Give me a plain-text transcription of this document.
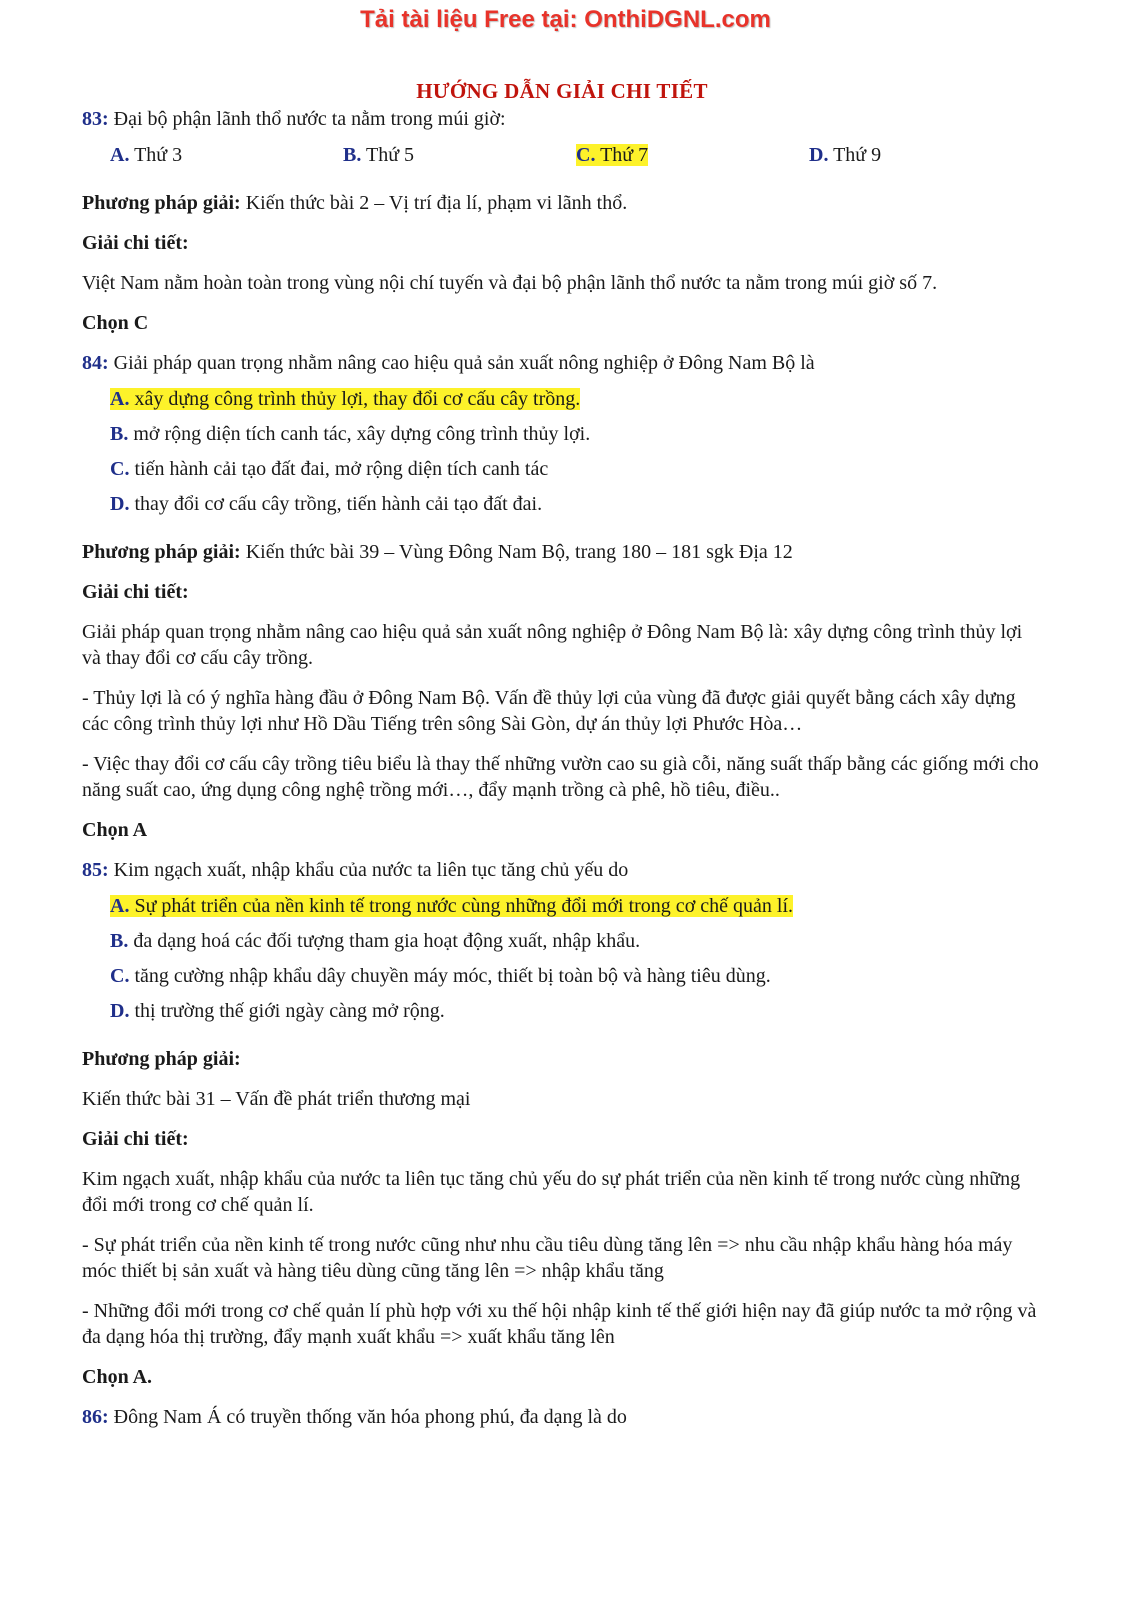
Tải tài liệu Free tại: OnthiDGNL.com
HƯỚNG DẪN GIẢI CHI TIẾT
83: Đại bộ phận lãnh thổ nước ta nằm trong múi giờ:
A. Thứ 3	B. Thứ 5	C. Thứ 7	D. Thứ 9
Phương pháp giải: Kiến thức bài 2 – Vị trí địa lí, phạm vi lãnh thổ.
Giải chi tiết:
Việt Nam nằm hoàn toàn trong vùng nội chí tuyến và đại bộ phận lãnh thổ nước ta nằm trong múi giờ số 7.
Chọn C
84: Giải pháp quan trọng nhằm nâng cao hiệu quả sản xuất nông nghiệp ở Đông Nam Bộ là
A. xây dựng công trình thủy lợi, thay đổi cơ cấu cây trồng.
B. mở rộng diện tích canh tác, xây dựng công trình thủy lợi.
C. tiến hành cải tạo đất đai, mở rộng diện tích canh tác
D. thay đổi cơ cấu cây trồng, tiến hành cải tạo đất đai.
Phương pháp giải: Kiến thức bài 39 – Vùng Đông Nam Bộ, trang 180 – 181 sgk Địa 12
Giải chi tiết:
Giải pháp quan trọng nhằm nâng cao hiệu quả sản xuất nông nghiệp ở Đông Nam Bộ là: xây dựng công trình thủy lợi và thay đổi cơ cấu cây trồng.
- Thủy lợi là có ý nghĩa hàng đầu ở Đông Nam Bộ. Vấn đề thủy lợi của vùng đã được giải quyết bằng cách xây dựng các công trình thủy lợi như Hồ Dầu Tiếng trên sông Sài Gòn, dự án thủy lợi Phước Hòa…
- Việc thay đổi cơ cấu cây trồng tiêu biểu là thay thế những vườn cao su già cỗi, năng suất thấp bằng các giống mới cho năng suất cao, ứng dụng công nghệ trồng mới…, đẩy mạnh trồng cà phê, hồ tiêu, điều..
Chọn A
85: Kim ngạch xuất, nhập khẩu của nước ta liên tục tăng chủ yếu do
A. Sự phát triển của nền kinh tế trong nước cùng những đổi mới trong cơ chế quản lí.
B. đa dạng hoá các đối tượng tham gia hoạt động xuất, nhập khẩu.
C. tăng cường nhập khẩu dây chuyền máy móc, thiết bị toàn bộ và hàng tiêu dùng.
D. thị trường thế giới ngày càng mở rộng.
Phương pháp giải:
Kiến thức bài 31 – Vấn đề phát triển thương mại
Giải chi tiết:
Kim ngạch xuất, nhập khẩu của nước ta liên tục tăng chủ yếu do sự phát triển của nền kinh tế trong nước cùng những đổi mới trong cơ chế quản lí.
- Sự phát triển của nền kinh tế trong nước cũng như nhu cầu tiêu dùng tăng lên => nhu cầu nhập khẩu hàng hóa máy móc thiết bị sản xuất và hàng tiêu dùng cũng tăng lên => nhập khẩu tăng
- Những đổi mới trong cơ chế quản lí phù hợp với xu thế hội nhập kinh tế thế giới hiện nay đã giúp nước ta mở rộng và đa dạng hóa thị trường, đẩy mạnh xuất khẩu => xuất khẩu tăng lên
Chọn A.
86: Đông Nam Á có truyền thống văn hóa phong phú, đa dạng là do
